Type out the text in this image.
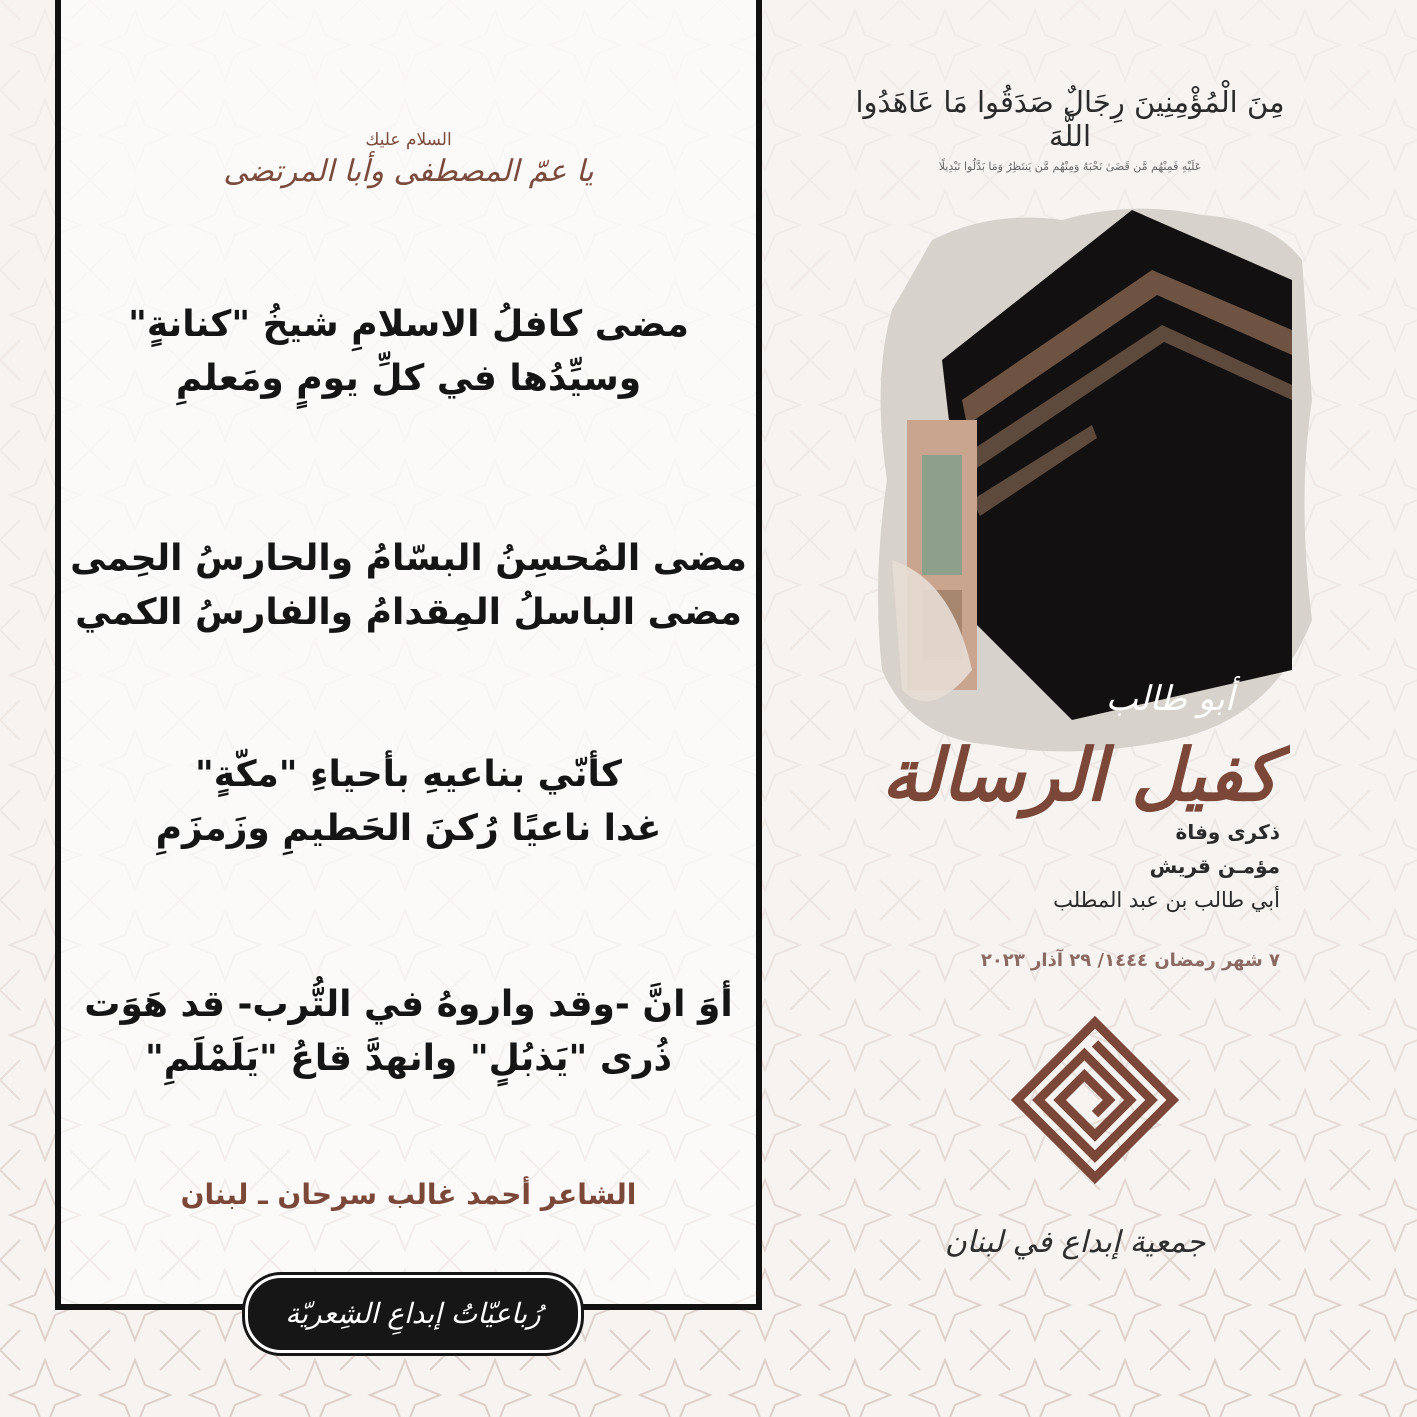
السلام عليك
يا عمّ المصطفى وأبا المرتضى
مضى كافلُ الاسلامِ شيخُ "كنانةٍ"
وسيِّدُها في كلِّ يومٍ ومَعلمِ
مضى المُحسِنُ البسّامُ والحارسُ الحِمى
مضى الباسلُ المِقدامُ والفارسُ الكمي
كأنّي بناعيهِ بأحياءِ "مكّةٍ"
غدا ناعيًا رُكنَ الحَطيمِ وزَمزَمِ
أوَ انَّ -وقد واروهُ في التُّرب- قد هَوَت
ذُرى "يَذبُلٍ" وانهدَّ قاعُ "يَلَمْلَمِ"
الشاعر أحمد غالب سرحان ـ لبنان
رُباعيّاتُ إبداعِ الشِعريّة
مِنَ الْمُؤْمِنِينَ رِجَالٌ صَدَقُوا مَا عَاهَدُوا اللَّهَ
عَلَيْهِ فَمِنْهُم مَّن قَضَىٰ نَحْبَهُ وَمِنْهُم مَّن يَنتَظِرُ وَمَا بَدَّلُوا تَبْدِيلًا
أبو طالب
كفيل الرسالة
ذكرى وفاة
مؤمـن قريش
أبي طالب بن عبد المطلب
٧ شهر رمضان ١٤٤٤/ ٢٩ آذار ٢٠٢٣
جمعية إبداع في لبنان
